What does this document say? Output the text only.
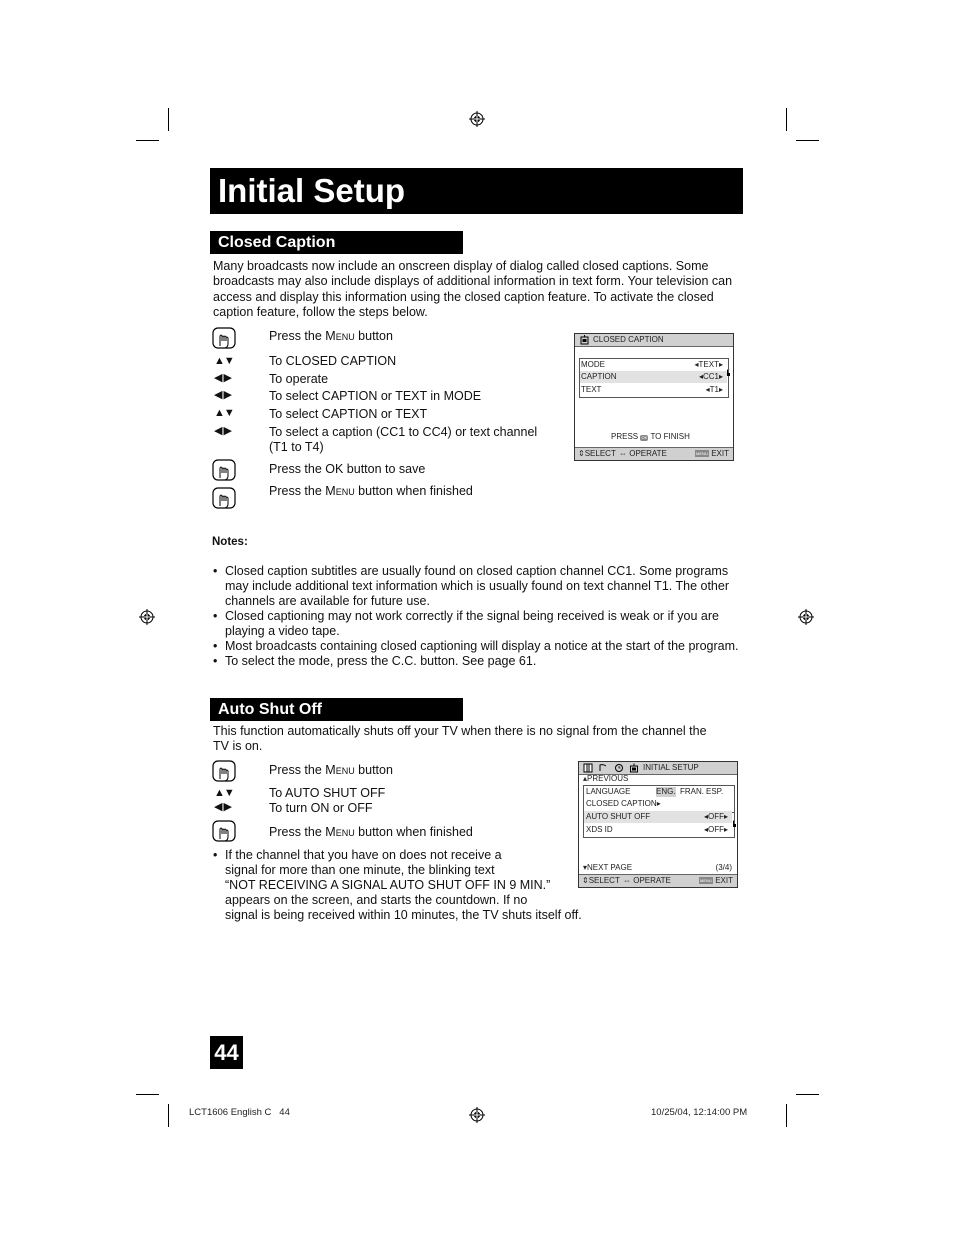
Initial Setup
Closed Caption
Many broadcasts now include an onscreen display of dialog called closed captions. Some broadcasts may also include displays of additional information in text form. Your television can access and display this information using the closed caption feature. To activate the closed caption feature, follow the steps below.
Press the Menu button
▲▼	To CLOSED CAPTION
◀ ▶	To operate
◀ ▶	To select CAPTION or TEXT in MODE
▲▼	To select CAPTION or TEXT
◀ ▶	To select a caption (CC1 to CC4) or text channel (T1 to T4)
Press the OK button to save
Press the Menu button when finished
CLOSED CAPTION
MODE	◂TEXT▸
CAPTION	◂CC1▸
TEXT	◂T1▸
PRESS OK TO FINISH
⇕SELECT ⇔ OPERATE	MENU EXIT
Notes:
• Closed caption subtitles are usually found on closed caption channel CC1. Some programs may include additional text information which is usually found on text channel T1. The other channels are available for future use.
• Closed captioning may not work correctly if the signal being received is weak or if you are playing a video tape.
• Most broadcasts containing closed captioning will display a notice at the start of the program.
• To select the mode, press the C.C. button. See page 61.
Auto Shut Off
This function automatically shuts off your TV when there is no signal from the channel the TV is on.
Press the Menu button
▲▼	To AUTO SHUT OFF
◀ ▶	To turn ON or OFF
Press the Menu button when finished
• If the channel that you have on does not receive a
signal for more than one minute, the blinking text
“NOT RECEIVING A SIGNAL AUTO SHUT OFF IN 9 MIN.”
appears on the screen, and starts the countdown. If no
signal is being received within 10 minutes, the TV shuts itself off.
INITIAL SETUP
▴PREVIOUS
LANGUAGE	ENG. FRAN. ESP.
CLOSED CAPTION▸
AUTO SHUT OFF	◂OFF▸
XDS ID	◂OFF▸
▾NEXT PAGE	(3/4)
⇕SELECT ⇔ OPERATE	MENU EXIT
44
LCT1606 English C   44	10/25/04, 12:14:00 PM
